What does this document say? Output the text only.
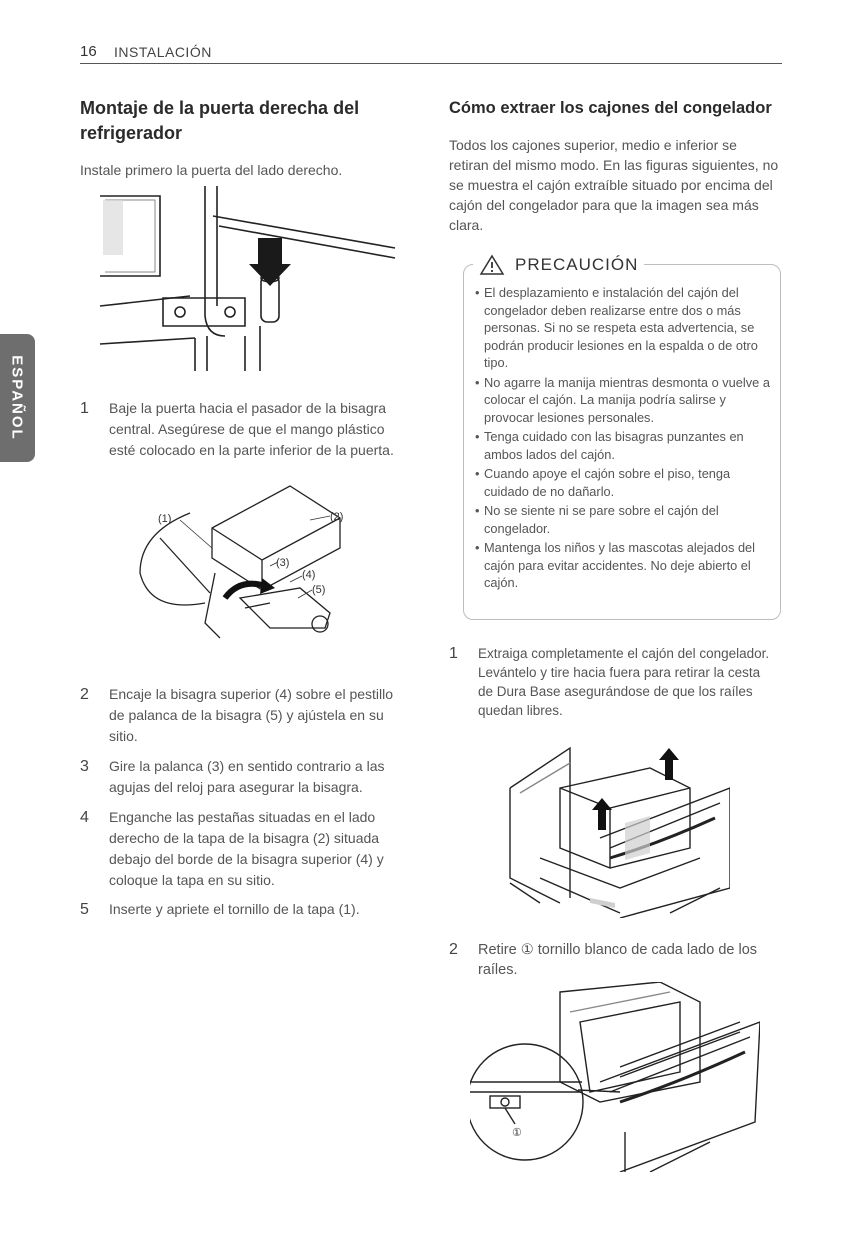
16 INSTALACIÓN
ESPAÑOL
Montaje de la puerta derecha del refrigerador
Instale primero la puerta del lado derecho.
1 Baje la puerta hacia el pasador de la bisagra central. Asegúrese de que el mango plástico esté colocado en la parte inferior de la puerta.
(1)	(2)
(3)
(4)
(5)
2 Encaje la bisagra superior (4) sobre el pestillo de palanca de la bisagra (5) y ajústela en su sitio.
3 Gire la palanca (3) en sentido contrario a las agujas del reloj para asegurar la bisagra.
4 Enganche las pestañas situadas en el lado derecho de la tapa de la bisagra (2) situada debajo del borde de la bisagra superior (4) y coloque la tapa en su sitio.
5 Inserte y apriete el tornillo de la tapa (1).
Cómo extraer los cajones del congelador
Todos los cajones superior, medio e inferior se retiran del mismo modo. En las figuras siguientes, no se muestra el cajón extraíble situado por encima del cajón del congelador para que la imagen sea más clara.
PRECAUCIÓN
• El desplazamiento e instalación del cajón del congelador deben realizarse entre dos o más personas. Si no se respeta esta advertencia, se podrán producir lesiones en la espalda o de otro tipo.
• No agarre la manija mientras desmonta o vuelve a colocar el cajón. La manija podría salirse y provocar lesiones personales.
• Tenga cuidado con las bisagras punzantes en ambos lados del cajón.
• Cuando apoye el cajón sobre el piso, tenga cuidado de no dañarlo.
• No se siente ni se pare sobre el cajón del congelador.
• Mantenga los niños y las mascotas alejados del cajón para evitar accidentes. No deje abierto el cajón.
1 Extraiga completamente el cajón del congelador. Levántelo y tire hacia fuera para retirar la cesta de Dura Base asegurándose de que los raíles quedan libres.
2 Retire ① tornillo blanco de cada lado de los raíles.
①
